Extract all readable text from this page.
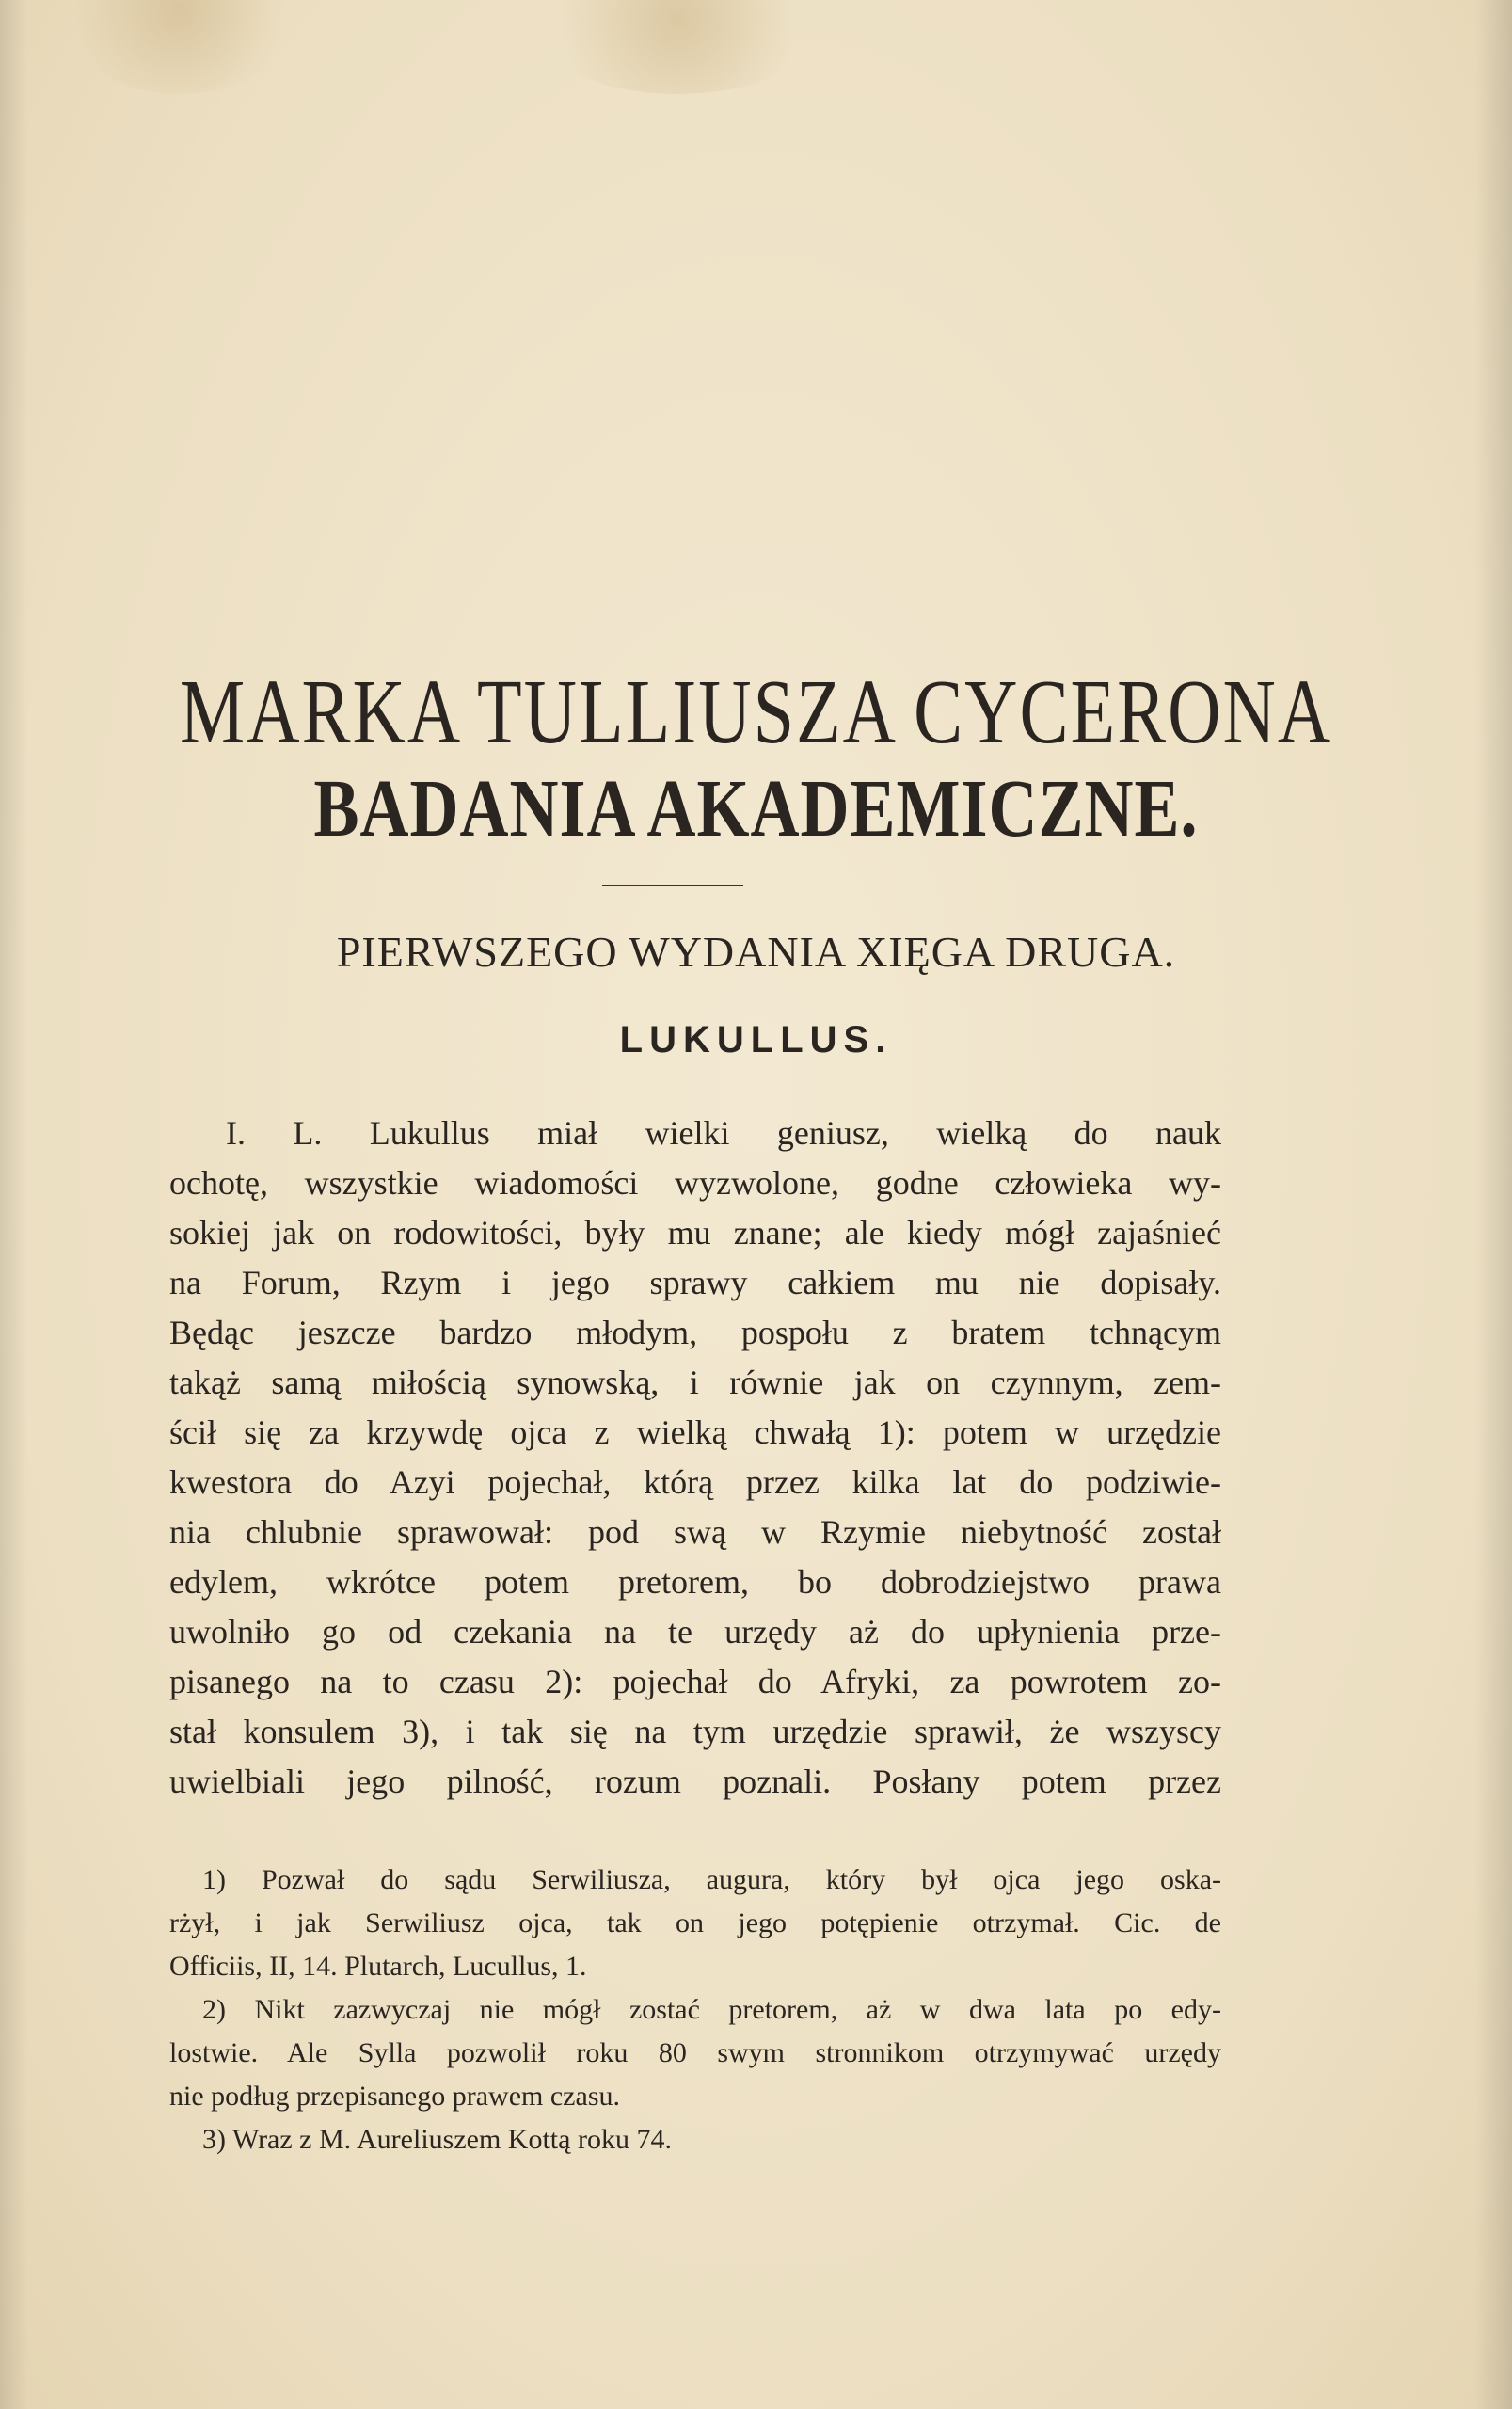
MARKA TULLIUSZA CYCERONA
BADANIA AKADEMICZNE.
PIERWSZEGO WYDANIA XIĘGA DRUGA.
LUKULLUS.
I. L. Lukullus miał wielki geniusz, wielką do nauk
ochotę, wszystkie wiadomości wyzwolone, godne człowieka wy-
sokiej jak on rodowitości, były mu znane; ale kiedy mógł zajaśnieć
na Forum, Rzym i jego sprawy całkiem mu nie dopisały.
Będąc jeszcze bardzo młodym, pospołu z bratem tchnącym
takąż samą miłością synowską, i równie jak on czynnym, zem-
ścił się za krzywdę ojca z wielką chwałą 1): potem w urzędzie
kwestora do Azyi pojechał, którą przez kilka lat do podziwie-
nia chlubnie sprawował: pod swą w Rzymie niebytność został
edylem, wkrótce potem pretorem, bo dobrodziejstwo prawa
uwolniło go od czekania na te urzędy aż do upłynienia prze-
pisanego na to czasu 2): pojechał do Afryki, za powrotem zo-
stał konsulem 3), i tak się na tym urzędzie sprawił, że wszyscy
uwielbiali jego pilność, rozum poznali. Posłany potem przez
1) Pozwał do sądu Serwiliusza, augura, który był ojca jego oska-
rżył, i jak Serwiliusz ojca, tak on jego potępienie otrzymał. Cic. de
Officiis, II, 14. Plutarch, Lucullus, 1.
2) Nikt zazwyczaj nie mógł zostać pretorem, aż w dwa lata po edy-
lostwie. Ale Sylla pozwolił roku 80 swym stronnikom otrzymywać urzędy
nie podług przepisanego prawem czasu.
3) Wraz z M. Aureliuszem Kottą roku 74.
